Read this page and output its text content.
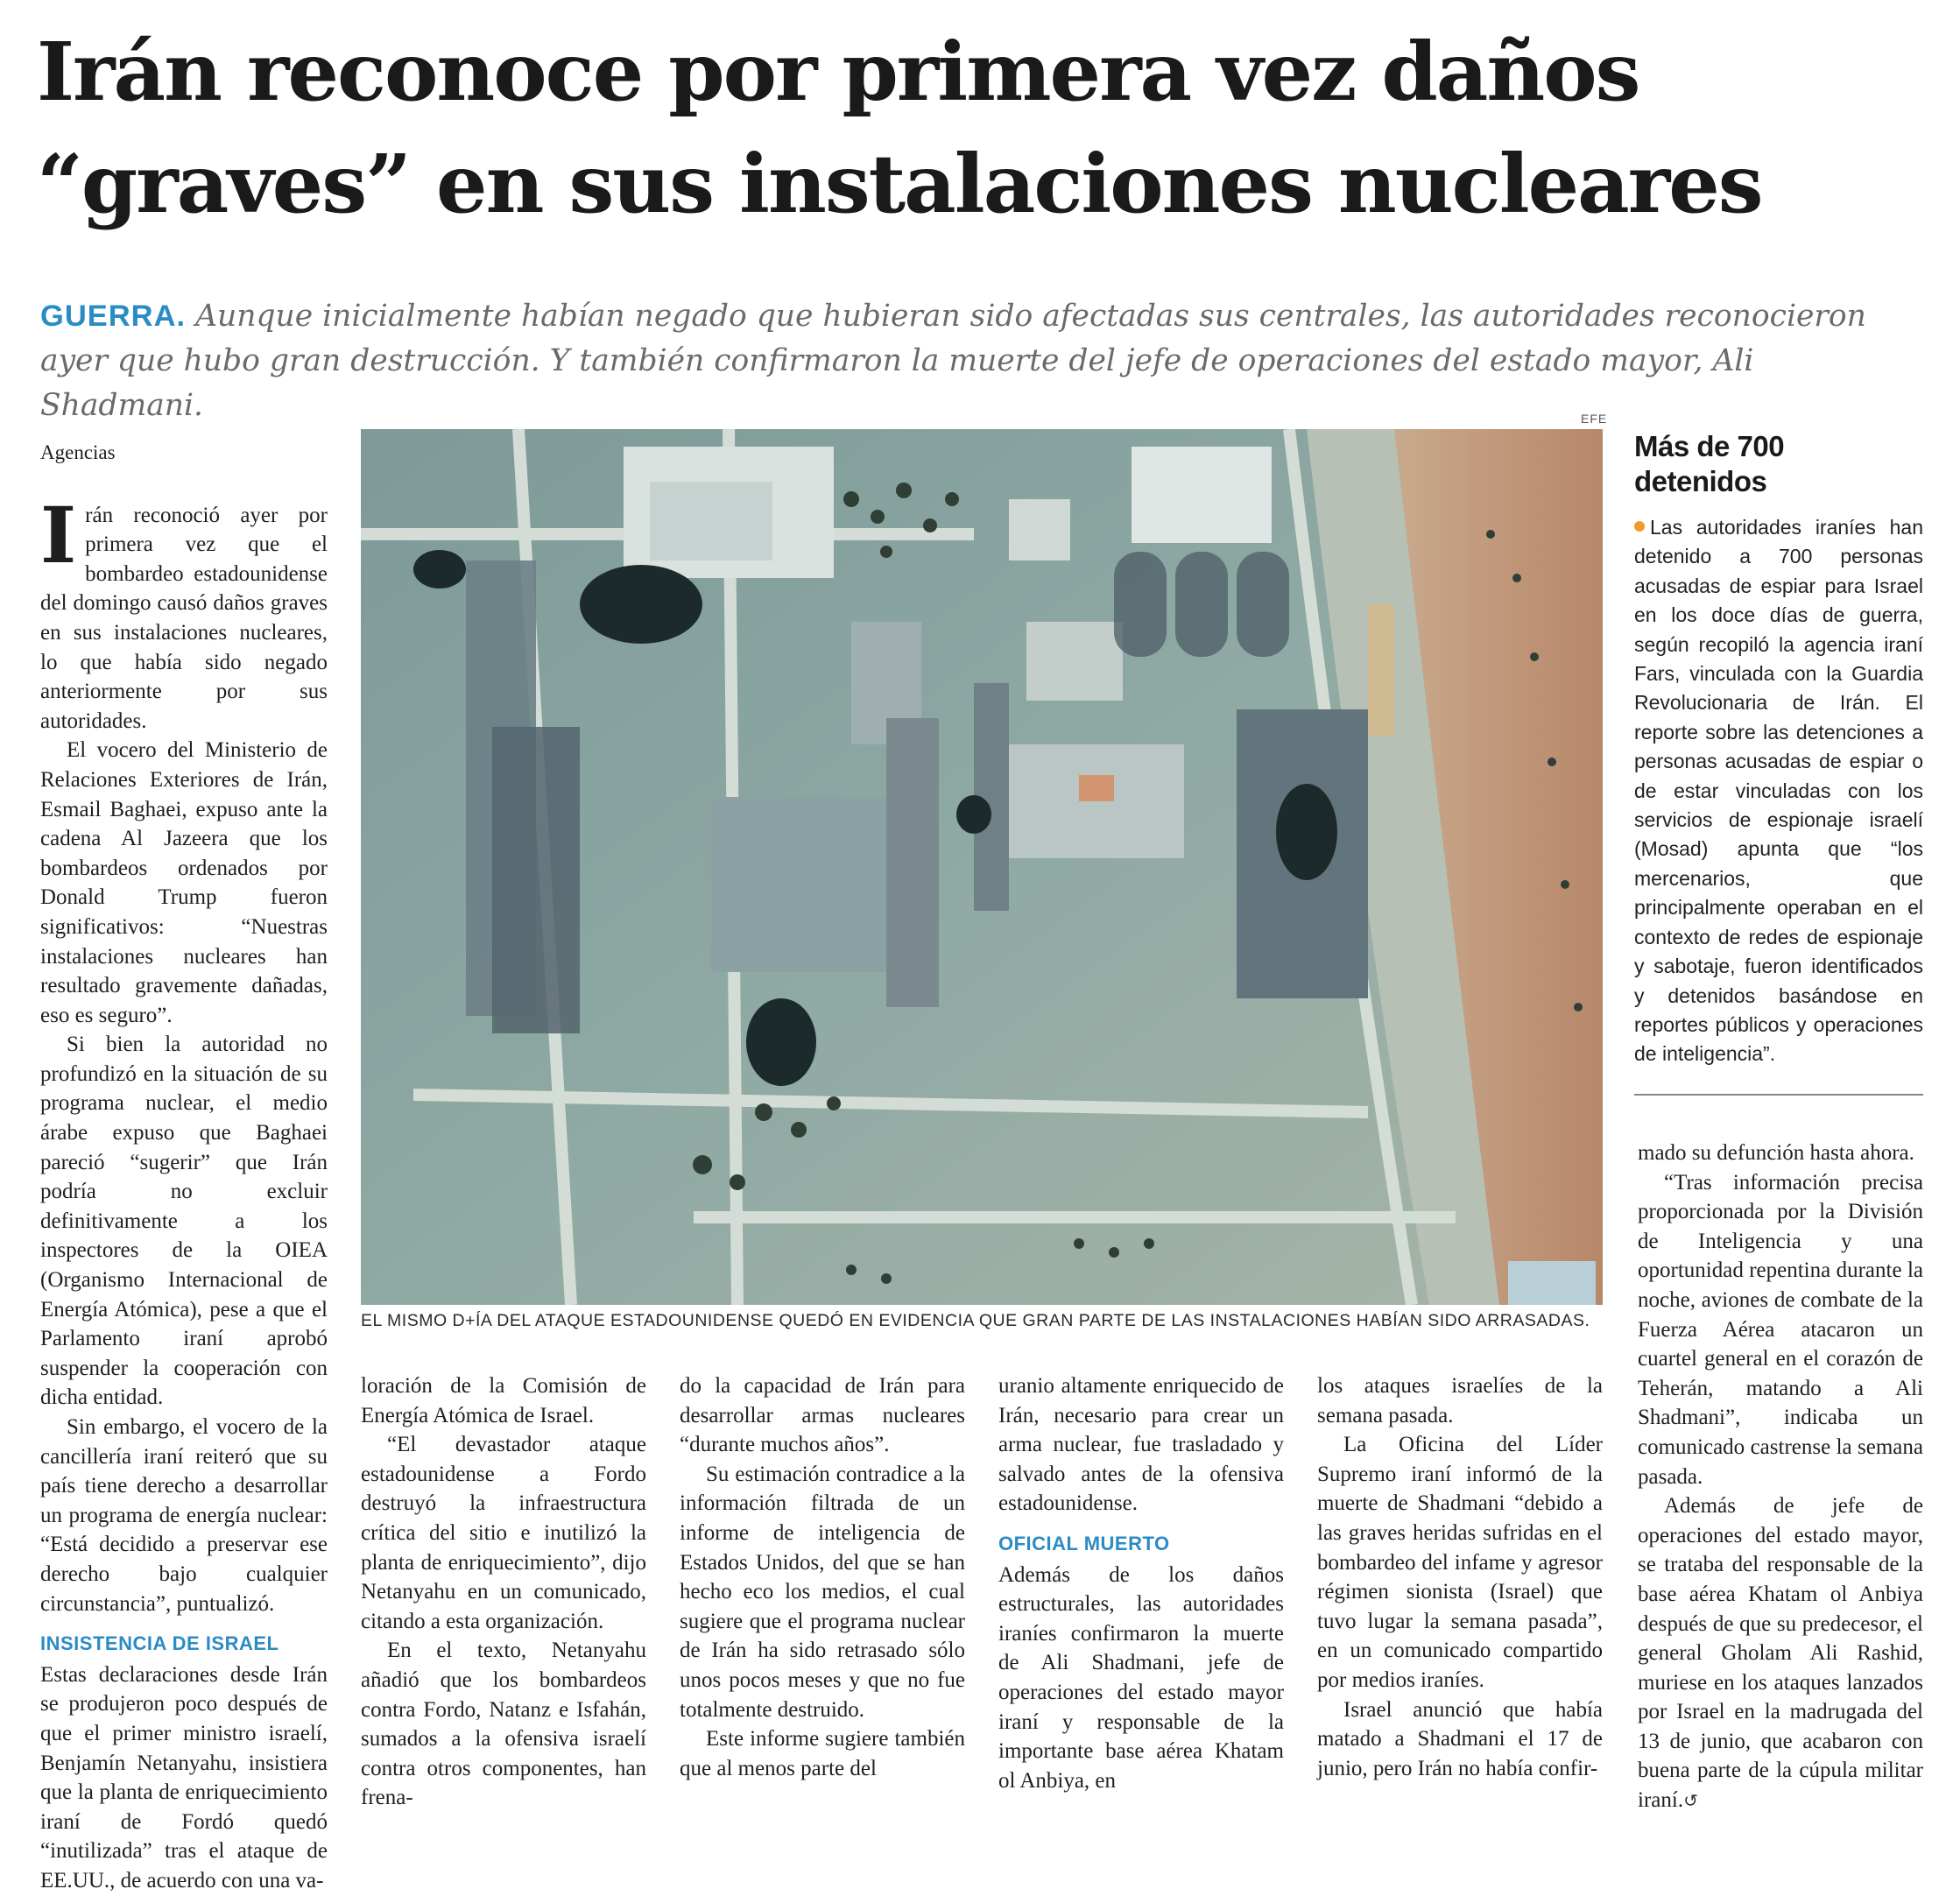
Irán reconoce por primera vez daños
“graves” en sus instalaciones nucleares

GUERRA. Aunque inicialmente habían negado que hubieran sido afectadas sus centrales, las autoridades reconocieron ayer que hubo gran destrucción. Y también confirmaron la muerte del jefe de operaciones del estado mayor, Ali Shadmani.

Agencias

Irán reconoció ayer por primera vez que el bombardeo estadounidense del domingo causó daños graves en sus instalaciones nucleares, lo que había sido negado anteriormente por sus autoridades.

El vocero del Ministerio de Relaciones Exteriores de Irán, Esmail Baghaei, expuso ante la cadena Al Jazeera que los bombardeos ordenados por Donald Trump fueron significativos: “Nuestras instalaciones nucleares han resultado gravemente dañadas, eso es seguro”.

Si bien la autoridad no profundizó en la situación de su programa nuclear, el medio árabe expuso que Baghaei pareció “sugerir” que Irán podría no excluir definitivamente a los inspectores de la OIEA (Organismo Internacional de Energía Atómica), pese a que el Parlamento iraní aprobó suspender la cooperación con dicha entidad.

Sin embargo, el vocero de la cancillería iraní reiteró que su país tiene derecho a desarrollar un programa de energía nuclear: “Está decidido a preservar ese derecho bajo cualquier circunstancia”, puntualizó.

INSISTENCIA DE ISRAEL

Estas declaraciones desde Irán se produjeron poco después de que el primer ministro israelí, Benjamín Netanyahu, insistiera que la planta de enriquecimiento iraní de Fordó quedó “inutilizada” tras el ataque de EE.UU., de acuerdo con una va-

EFE
EL MISMO D+ÍA DEL ATAQUE ESTADOUNIDENSE QUEDÓ EN EVIDENCIA QUE GRAN PARTE DE LAS INSTALACIONES HABÍAN SIDO ARRASADAS.
Más de 700 detenidos
Las autoridades iraníes han detenido a 700 personas acusadas de espiar para Israel en los doce días de guerra, según recopiló la agencia iraní Fars, vinculada con la Guardia Revolucionaria de Irán. El reporte sobre las detenciones a personas acusadas de espiar o de estar vinculadas con los servicios de espionaje israelí (Mosad) apunta que “los mercenarios, que principalmente operaban en el contexto de redes de espionaje y sabotaje, fueron identificados y detenidos basándose en reportes públicos y operaciones de inteligencia”.

loración de la Comisión de Energía Atómica de Israel.

“El devastador ataque estadounidense a Fordo destruyó la infraestructura crítica del sitio e inutilizó la planta de enriquecimiento”, dijo Netanyahu en un comunicado, citando a esta organización.

En el texto, Netanyahu añadió que los bombardeos contra Fordo, Natanz e Isfahán, sumados a la ofensiva israelí contra otros componentes, han frena-

do la capacidad de Irán para desarrollar armas nucleares “durante muchos años”.

Su estimación contradice a la información filtrada de un informe de inteligencia de Estados Unidos, del que se han hecho eco los medios, el cual sugiere que el programa nuclear de Irán ha sido retrasado sólo unos pocos meses y que no fue totalmente destruido.

Este informe sugiere también que al menos parte del

uranio altamente enriquecido de Irán, necesario para crear un arma nuclear, fue trasladado y salvado antes de la ofensiva estadounidense.

OFICIAL MUERTO

Además de los daños estructurales, las autoridades iraníes confirmaron la muerte de Ali Shadmani, jefe de operaciones del estado mayor iraní y responsable de la importante base aérea Khatam ol Anbiya, en

los ataques israelíes de la semana pasada.

La Oficina del Líder Supremo iraní informó de la muerte de Shadmani “debido a las graves heridas sufridas en el bombardeo del infame y agresor régimen sionista (Israel) que tuvo lugar la semana pasada”, en un comunicado compartido por medios iraníes.

Israel anunció que había matado a Shadmani el 17 de junio, pero Irán no había confir-

mado su defunción hasta ahora.

“Tras información precisa proporcionada por la División de Inteligencia y una oportunidad repentina durante la noche, aviones de combate de la Fuerza Aérea atacaron un cuartel general en el corazón de Teherán, matando a Ali Shadmani”, indicaba un comunicado castrense la semana pasada.

Además de jefe de operaciones del estado mayor, se trataba del responsable de la base aérea Khatam ol Anbiya después de que su predecesor, el general Gholam Ali Rashid, muriese en los ataques lanzados por Israel en la madrugada del 13 de junio, que acabaron con buena parte de la cúpula militar iraní.↺
